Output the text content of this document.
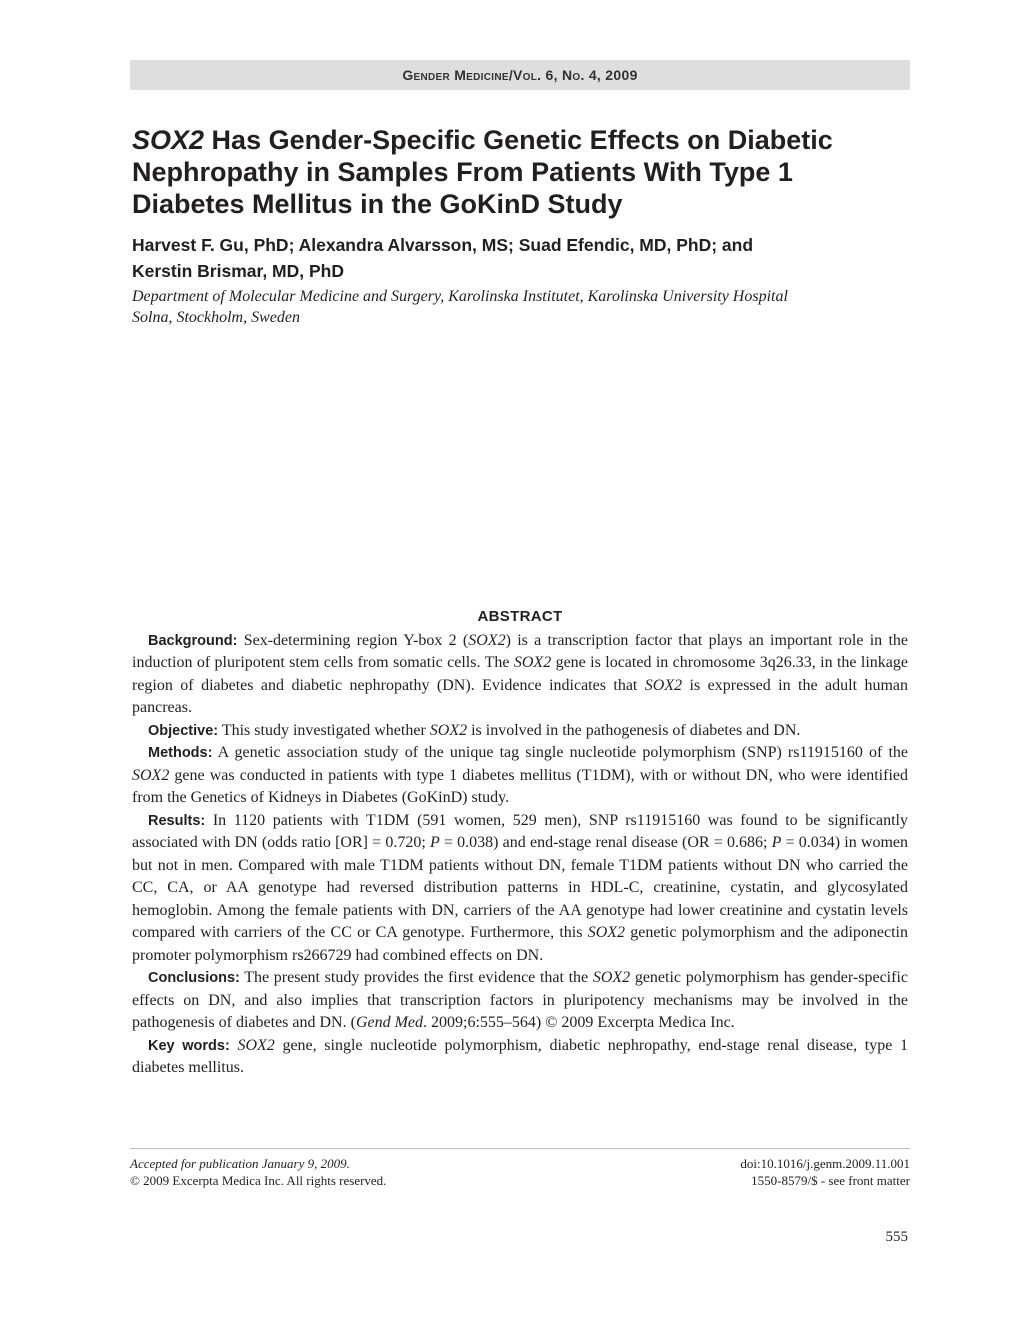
Gender Medicine/Vol. 6, No. 4, 2009
SOX2 Has Gender-Specific Genetic Effects on Diabetic Nephropathy in Samples From Patients With Type 1 Diabetes Mellitus in the GoKinD Study
Harvest F. Gu, PhD; Alexandra Alvarsson, MS; Suad Efendic, MD, PhD; and
Kerstin Brismar, MD, PhD
Department of Molecular Medicine and Surgery, Karolinska Institutet, Karolinska University Hospital
Solna, Stockholm, Sweden
ABSTRACT

Background: Sex-determining region Y-box 2 (SOX2) is a transcription factor that plays an important role in the induction of pluripotent stem cells from somatic cells. The SOX2 gene is located in chromosome 3q26.33, in the linkage region of diabetes and diabetic nephropathy (DN). Evidence indicates that SOX2 is expressed in the adult human pancreas.

Objective: This study investigated whether SOX2 is involved in the pathogenesis of diabetes and DN.

Methods: A genetic association study of the unique tag single nucleotide polymorphism (SNP) rs11915160 of the SOX2 gene was conducted in patients with type 1 diabetes mellitus (T1DM), with or without DN, who were identified from the Genetics of Kidneys in Diabetes (GoKinD) study.

Results: In 1120 patients with T1DM (591 women, 529 men), SNP rs11915160 was found to be significantly associated with DN (odds ratio [OR] = 0.720; P = 0.038) and end-stage renal disease (OR = 0.686; P = 0.034) in women but not in men. Compared with male T1DM patients without DN, female T1DM patients without DN who carried the CC, CA, or AA genotype had reversed distribution patterns in HDL-C, creatinine, cystatin, and glycosylated hemoglobin. Among the female patients with DN, carriers of the AA genotype had lower creatinine and cystatin levels compared with carriers of the CC or CA genotype. Furthermore, this SOX2 genetic polymorphism and the adiponectin promoter polymorphism rs266729 had combined effects on DN.

Conclusions: The present study provides the first evidence that the SOX2 genetic polymorphism has gender-specific effects on DN, and also implies that transcription factors in pluripotency mechanisms may be involved in the pathogenesis of diabetes and DN. (Gend Med. 2009;6:555–564) © 2009 Excerpta Medica Inc.

Key words: SOX2 gene, single nucleotide polymorphism, diabetic nephropathy, end-stage renal disease, type 1 diabetes mellitus.

Accepted for publication January 9, 2009.
© 2009 Excerpta Medica Inc. All rights reserved.
doi:10.1016/j.genm.2009.11.001
1550-8579/$ - see front matter
555
